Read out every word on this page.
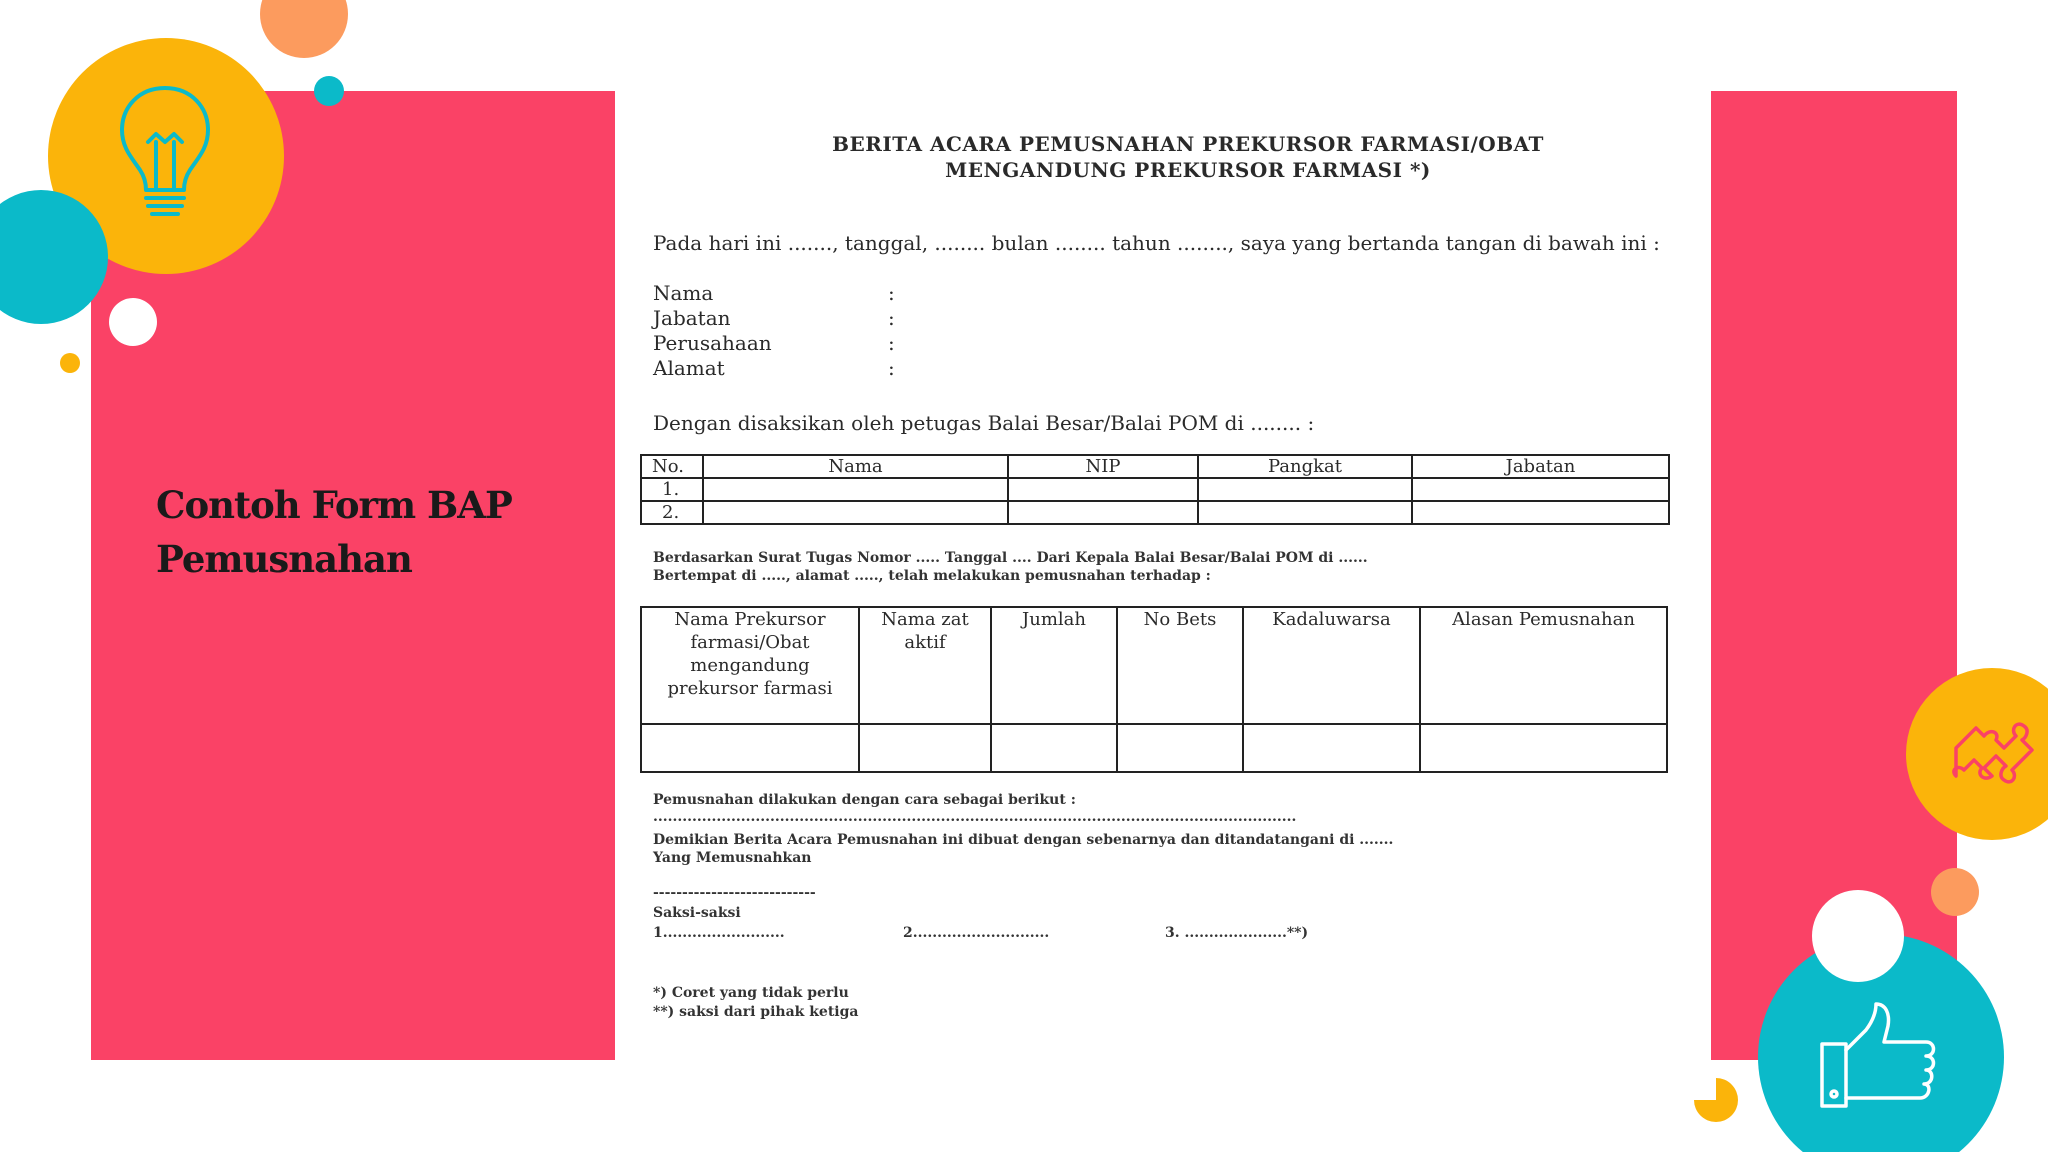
Contoh Form BAP
Pemusnahan
BERITA ACARA PEMUSNAHAN PREKURSOR FARMASI/OBAT
MENGANDUNG PREKURSOR FARMASI *)
Pada hari ini ......., tanggal, ........ bulan ........ tahun ........, saya yang bertanda tangan di bawah ini :
Nama	:
Jabatan	:
Perusahaan	:
Alamat	:
Dengan disaksikan oleh petugas Balai Besar/Balai POM di ........ :
No.	Nama	NIP	Pangkat	Jabatan
1.				
2.				
Berdasarkan Surat Tugas Nomor ..... Tanggal .... Dari Kepala Balai Besar/Balai POM di ......
Bertempat di ....., alamat ....., telah melakukan pemusnahan terhadap :
Nama Prekursor farmasi/Obat mengandung prekursor farmasi	Nama zat aktif	Jumlah	No Bets	Kadaluwarsa	Alasan Pemusnahan

Pemusnahan dilakukan dengan cara sebagai berikut :
....................................................................................................................................
Demikian Berita Acara Pemusnahan ini dibuat dengan sebenarnya dan ditandatangani di .......
Yang Memusnahkan
----------------------------
Saksi-saksi
1.........................	2............................	3. .....................**)
*) Coret yang tidak perlu
**) saksi dari pihak ketiga
